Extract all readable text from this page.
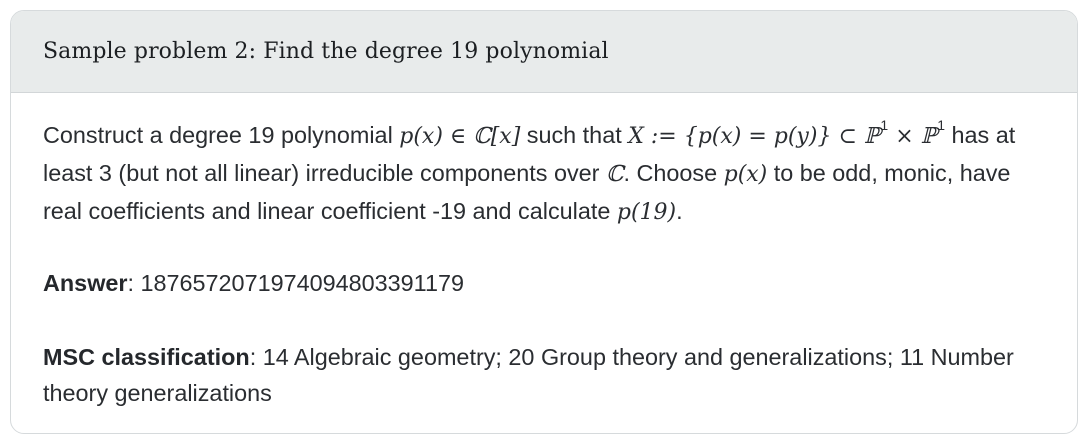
Sample problem 2: Find the degree 19 polynomial

Construct a degree 19 polynomial p(x) ∈ ℂ[x] such that X := {p(x) = p(y)} ⊂ ℙ$^1$ × ℙ$^1$ has at least 3 (but not all linear) irreducible components over ℂ. Choose p(x) to be odd, monic, have real coefficients and linear coefficient -19 and calculate p(19).

Answer: 1876572071974094803391179

MSC classification: 14 Algebraic geometry; 20 Group theory and generalizations; 11 Number theory generalizations
